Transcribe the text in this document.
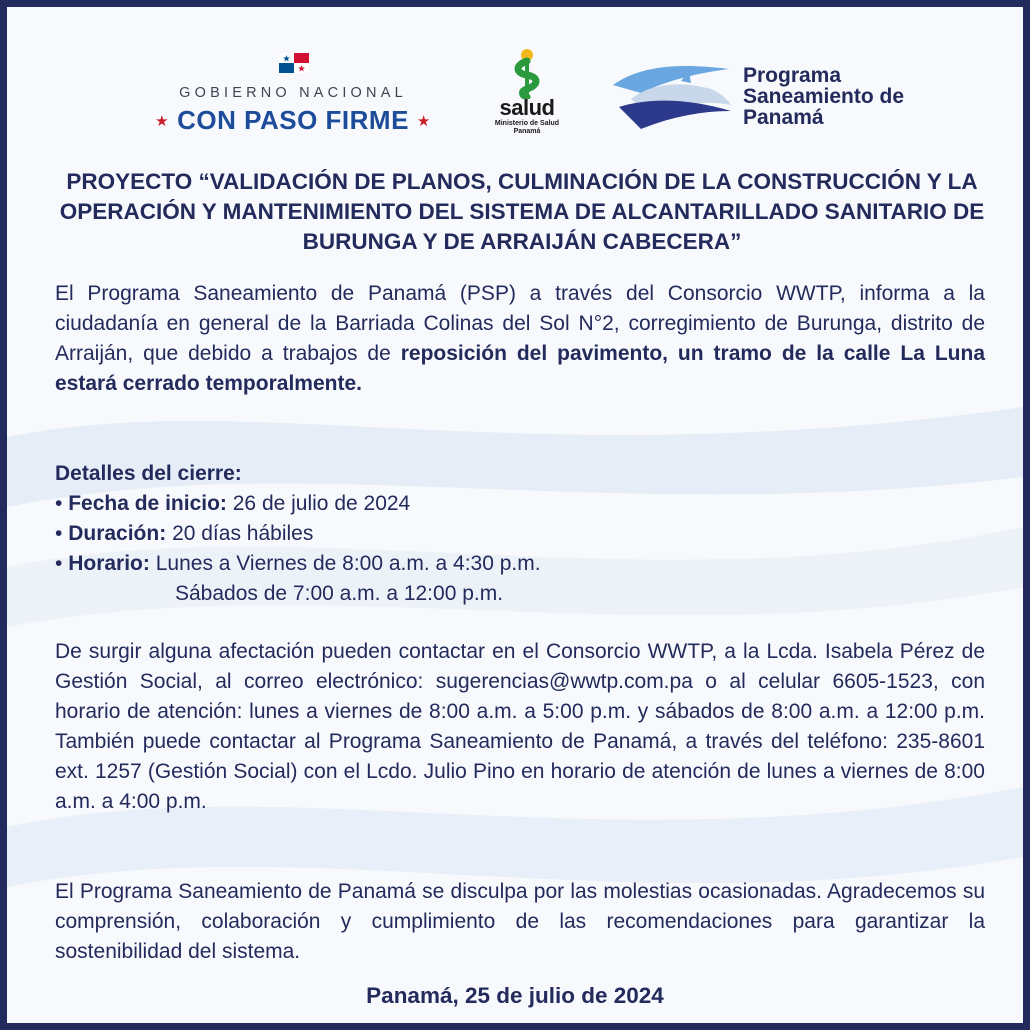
GOBIERNO NACIONAL
★ CON PASO FIRME ★
salud
Ministerio de Salud Panamá
Programa Saneamiento de Panamá
PROYECTO “VALIDACIÓN DE PLANOS, CULMINACIÓN DE LA CONSTRUCCIÓN Y LA OPERACIÓN Y MANTENIMIENTO DEL SISTEMA DE ALCANTARILLADO SANITARIO DE BURUNGA Y DE ARRAIJÁN CABECERA”
El Programa Saneamiento de Panamá (PSP) a través del Consorcio WWTP, informa a la ciudadanía en general de la Barriada Colinas del Sol N°2, corregimiento de Burunga, distrito de Arraiján, que debido a trabajos de reposición del pavimento, un tramo de la calle La Luna estará cerrado temporalmente.
Detalles del cierre:
• Fecha de inicio: 26 de julio de 2024
• Duración: 20 días hábiles
• Horario: Lunes a Viernes de 8:00 a.m. a 4:30 p.m.
Sábados de 7:00 a.m. a 12:00 p.m.
De surgir alguna afectación pueden contactar en el Consorcio WWTP, a la Lcda. Isabela Pérez de Gestión Social, al correo electrónico: sugerencias@wwtp.com.pa o al celular 6605-1523, con horario de atención: lunes a viernes de 8:00 a.m. a 5:00 p.m. y sábados de 8:00 a.m. a 12:00 p.m. También puede contactar al Programa Saneamiento de Panamá, a través del teléfono: 235-8601 ext. 1257 (Gestión Social) con el Lcdo. Julio Pino en horario de atención de lunes a viernes de 8:00 a.m. a 4:00 p.m.
El Programa Saneamiento de Panamá se disculpa por las molestias ocasionadas. Agradecemos su comprensión, colaboración y cumplimiento de las recomendaciones para garantizar la sostenibilidad del sistema.
Panamá, 25 de julio de 2024
